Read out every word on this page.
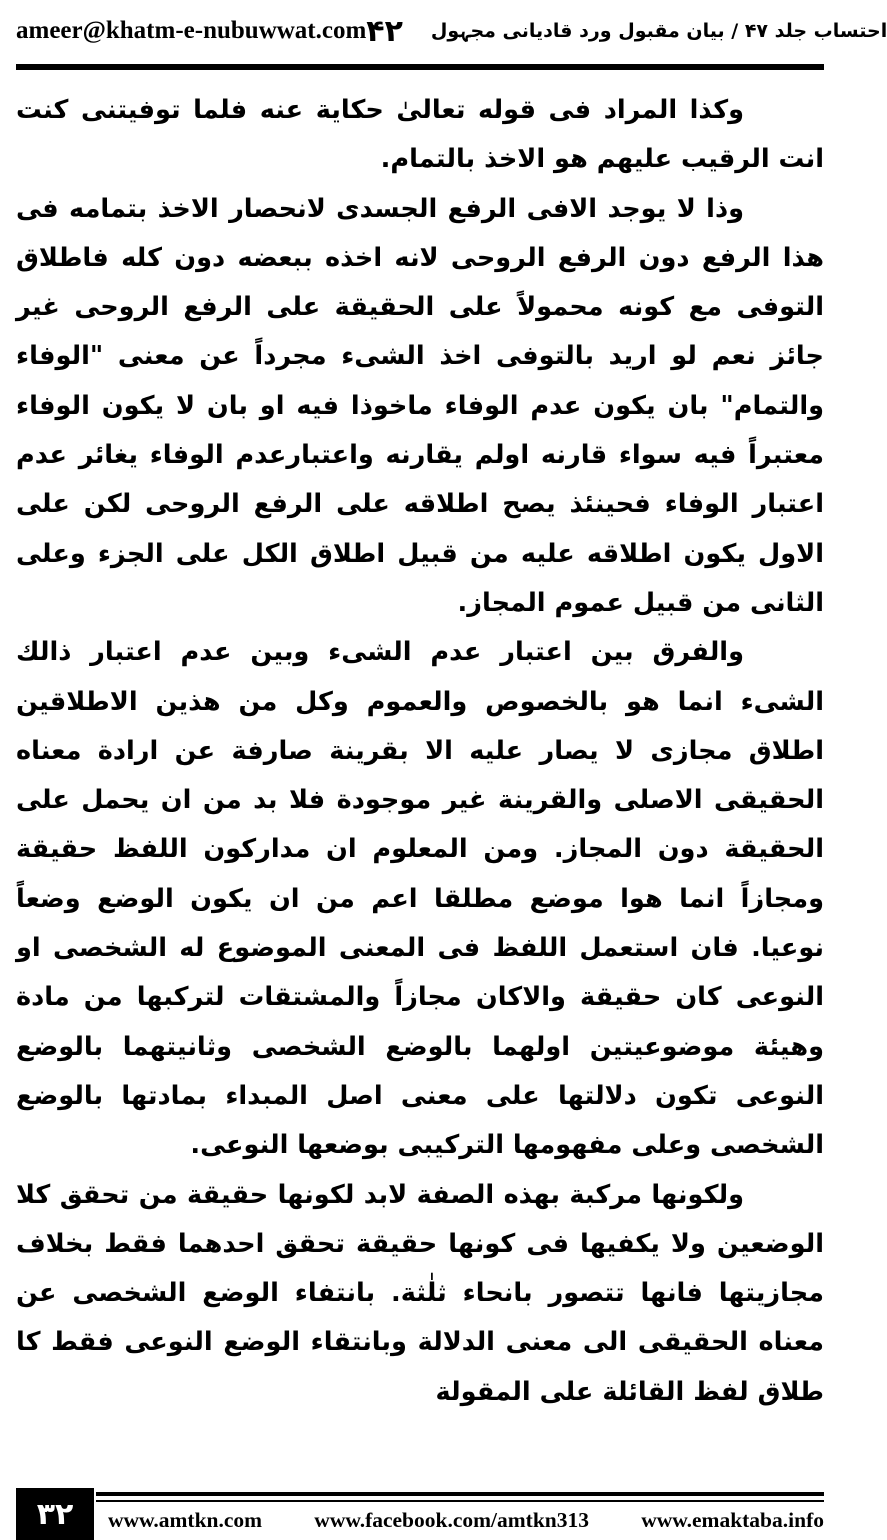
ameer@khatm-e-nubuwwat.com	احتساب جلد ۴۷ / بیان مقبول ورد قادیانی مجہول
۴۲

وكذا المراد فى قوله تعالىٰ حكاية عنه فلما توفيتنى كنت انت الرقيب عليهم هو الاخذ بالتمام.

وذا لا يوجد الافى الرفع الجسدى لانحصار الاخذ بتمامه فى هذا الرفع دون الرفع الروحى لانه اخذه ببعضه دون كله فاطلاق التوفى مع كونه محمولاً على الحقيقة على الرفع الروحى غير جائز نعم لو اريد بالتوفى اخذ الشىء مجرداً عن معنى "الوفاء والتمام" بان يكون عدم الوفاء ماخوذا فيه او بان لا يكون الوفاء معتبراً فيه سواء قارنه اولم يقارنه واعتبارعدم الوفاء يغائر عدم اعتبار الوفاء فحينئذ يصح اطلاقه على الرفع الروحى لكن على الاول يكون اطلاقه عليه من قبيل اطلاق الكل على الجزء وعلى الثانى من قبيل عموم المجاز.

والفرق بين اعتبار عدم الشىء وبين عدم اعتبار ذالك الشىء انما هو بالخصوص والعموم وكل من هذين الاطلاقين اطلاق مجازى لا يصار عليه الا بقرينة صارفة عن ارادة معناه الحقيقى الاصلى والقرينة غير موجودة فلا بد من ان يحمل على الحقيقة دون المجاز. ومن المعلوم ان مداركون اللفظ حقيقة ومجازاً انما هوا موضع مطلقا اعم من ان يكون الوضع وضعاً نوعيا. فان استعمل اللفظ فى المعنى الموضوع له الشخصى او النوعى كان حقيقة والاكان مجازاً والمشتقات لتركبها من مادة وهيئة موضوعيتين اولهما بالوضع الشخصى وثانيتهما بالوضع النوعى تكون دلالتها على معنى اصل المبداء بمادتها بالوضع الشخصى وعلى مفهومها التركيبى بوضعها النوعى.

ولكونها مركبة بهذه الصفة لابد لكونها حقيقة من تحقق كلا الوضعين ولا يكفيها فى كونها حقيقة تحقق احدهما فقط بخلاف مجازيتها فانها تتصور بانحاء ثلٰثة. بانتفاء الوضع الشخصى عن معناه الحقيقى الى معنى الدلالة وبانتقاء الوضع النوعى فقط كا طلاق لفظ القائلة على المقولة

۳۲	www.amtkn.com www.facebook.com/amtkn313 www.emaktaba.info
